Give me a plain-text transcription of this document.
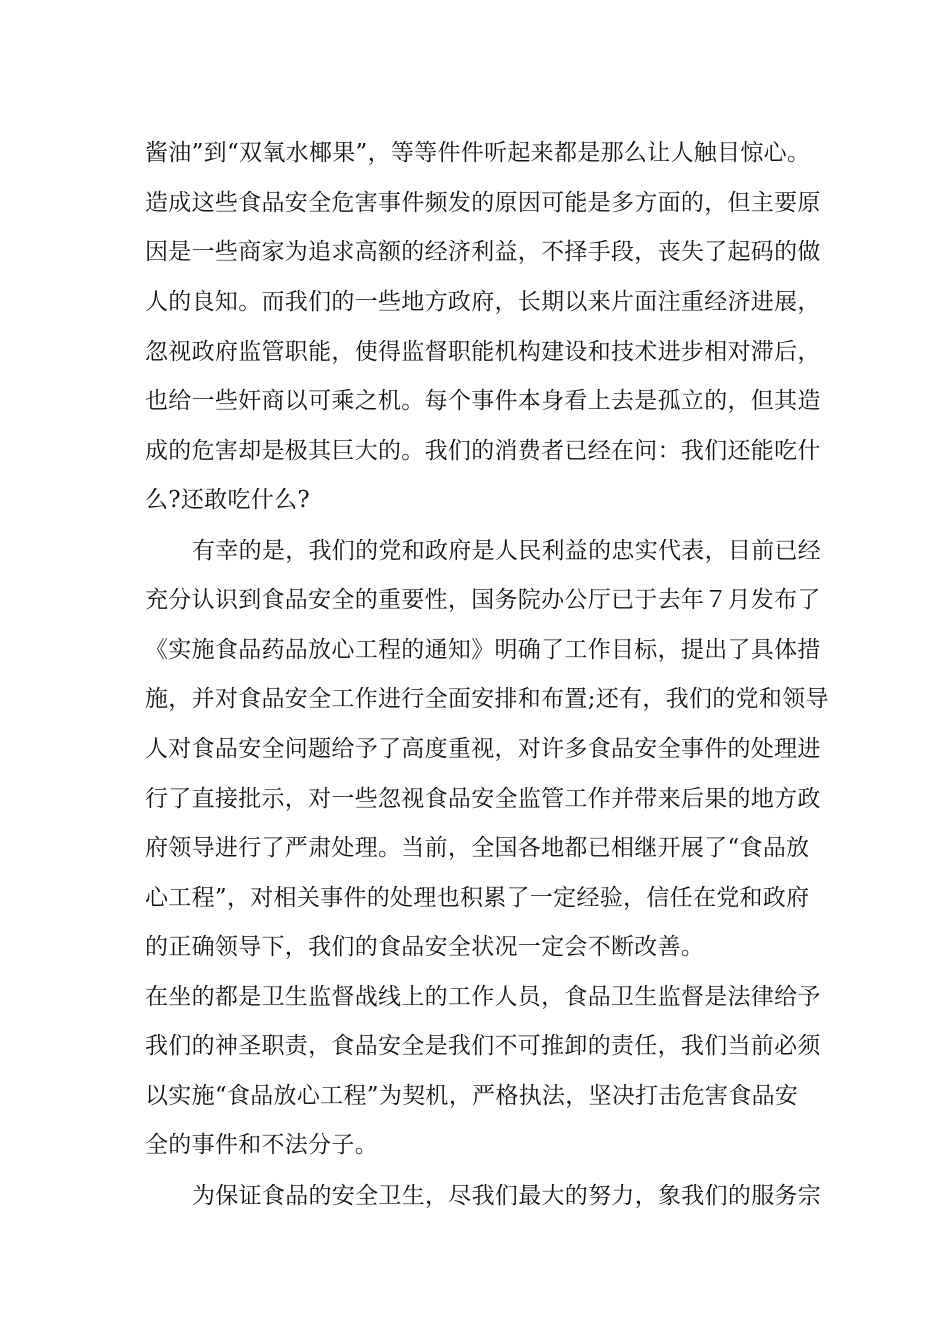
酱油”到“双氧水椰果”，等等件件听起来都是那么让人触目惊心。
造成这些食品安全危害事件频发的原因可能是多方面的，但主要原
因是一些商家为追求高额的经济利益，不择手段，丧失了起码的做
人的良知。而我们的一些地方政府，长期以来片面注重经济进展，
忽视政府监管职能，使得监督职能机构建设和技术进步相对滞后，
也给一些奸商以可乘之机。每个事件本身看上去是孤立的，但其造
成的危害却是极其巨大的。我们的消费者已经在问：我们还能吃什
么?还敢吃什么?
有幸的是，我们的党和政府是人民利益的忠实代表，目前已经
充分认识到食品安全的重要性，国务院办公厅已于去年７月发布了
《实施食品药品放心工程的通知》明确了工作目标，提出了具体措
施，并对食品安全工作进行全面安排和布置;还有，我们的党和领导
人对食品安全问题给予了高度重视，对许多食品安全事件的处理进
行了直接批示，对一些忽视食品安全监管工作并带来后果的地方政
府领导进行了严肃处理。当前，全国各地都已相继开展了“食品放
心工程”，对相关事件的处理也积累了一定经验，信任在党和政府
的正确领导下，我们的食品安全状况一定会不断改善。
在坐的都是卫生监督战线上的工作人员，食品卫生监督是法律给予
我们的神圣职责，食品安全是我们不可推卸的责任，我们当前必须
以实施“食品放心工程”为契机，严格执法，坚决打击危害食品安
全的事件和不法分子。
为保证食品的安全卫生，尽我们最大的努力，象我们的服务宗
